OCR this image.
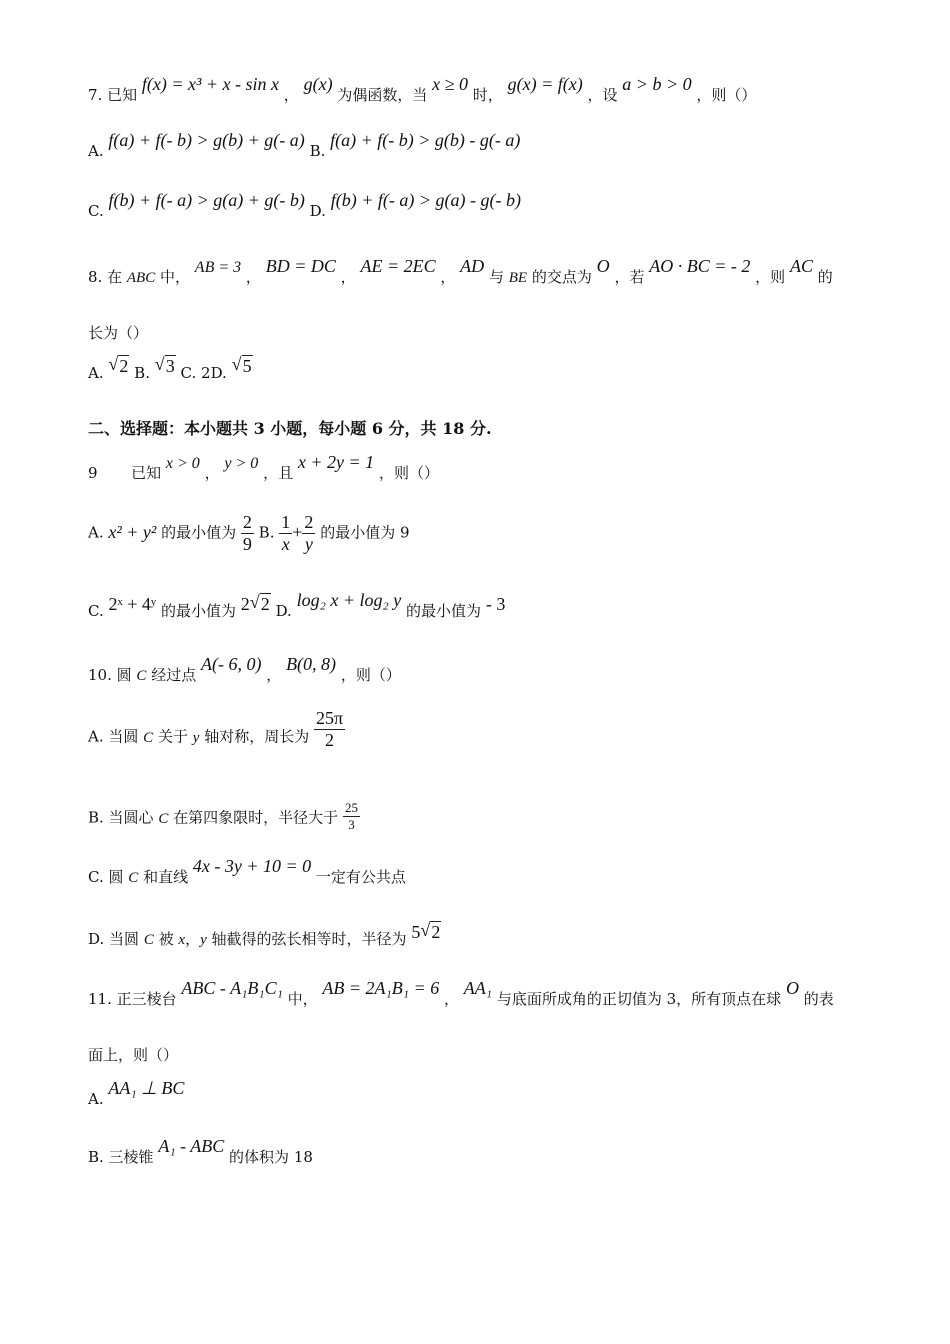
7. 已知 f(x) = x³ + x - sin x ， g(x) 为偶函数，当 x ≥ 0 时， g(x) = f(x) ，设 a > b > 0 ，则（）
A. f(a) + f(- b) > g(b) + g(- a) B. f(a) + f(- b) > g(b) - g(- a)
C. f(b) + f(- a) > g(a) + g(- b) D. f(b) + f(- a) > g(a) - g(- b)
8. 在 ABC 中， AB = 3 ， BD = DC ， AE = 2EC ， AD 与 BE 的交点为 O ，若 AO · BC = - 2 ，则 AC 的
长为（）
A. √ 2 B. √ 3 C. 2D. √ 5
二、选择题：本小题共 3 小题，每小题 6 分，共 18 分.
9 已知 x > 0 ， y > 0 ，且 x + 2y = 1 ，则（）
A. x² + y² 的最小值为 $\frac{2}{9} B$. $\frac{1}{x} + \frac{2}{y}$ 的最小值为 9
C. 2ˣ + 4ʸ 的最小值为 2 √ 2 D. log₂ x + log₂ y 的最小值为 - 3
10. 圆 C 经过点 A(- 6, 0) ， B(0, 8) ，则（）
A. 当圆 C 关于 y 轴对称，周长为 $\frac{25\pi}{2}$
B. 当圆心 C 在第四象限时，半径大于 $\frac{25}{3}$
C. 圆 C 和直线 4x - 3y + 10 = 0 一定有公共点
D. 当圆 C 被 x，y 轴截得的弦长相等时，半径为 5 √ 2
11. 正三棱台 ABC - A₁B₁C₁ 中， AB = 2A₁B₁ = 6 ， AA₁ 与底面所成角的正切值为 3，所有顶点在球 O 的表
面上，则（）
A. AA₁ ⊥ BC
B. 三棱锥 A₁ - ABC 的体积为 18
